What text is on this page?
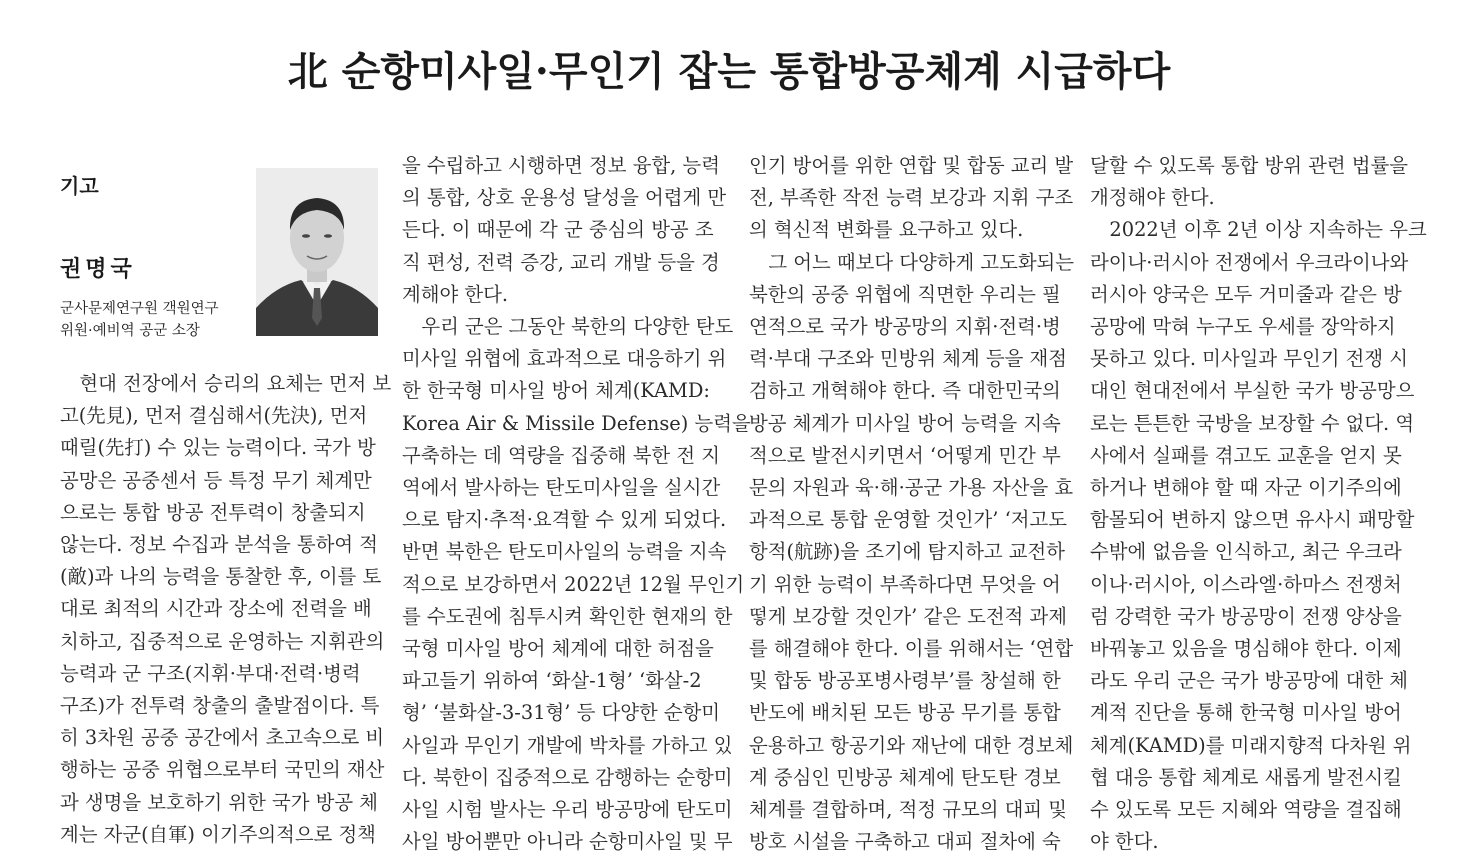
北 순항미사일·무인기 잡는 통합방공체계 시급하다
기고
권명국
군사문제연구원 객원연구
위원·예비역 공군 소장
현대 전장에서 승리의 요체는 먼저 보
고(先見), 먼저 결심해서(先決), 먼저
때릴(先打) 수 있는 능력이다. 국가 방
공망은 공중센서 등 특정 무기 체계만
으로는 통합 방공 전투력이 창출되지
않는다. 정보 수집과 분석을 통하여 적
(敵)과 나의 능력을 통찰한 후, 이를 토
대로 최적의 시간과 장소에 전력을 배
치하고, 집중적으로 운영하는 지휘관의
능력과 군 구조(지휘·부대·전력·병력
구조)가 전투력 창출의 출발점이다. 특
히 3차원 공중 공간에서 초고속으로 비
행하는 공중 위협으로부터 국민의 재산
과 생명을 보호하기 위한 국가 방공 체
계는 자군(自軍) 이기주의적으로 정책
을 수립하고 시행하면 정보 융합, 능력
의 통합, 상호 운용성 달성을 어렵게 만
든다. 이 때문에 각 군 중심의 방공 조
직 편성, 전력 증강, 교리 개발 등을 경
계해야 한다.
우리 군은 그동안 북한의 다양한 탄도
미사일 위협에 효과적으로 대응하기 위
한 한국형 미사일 방어 체계(KAMD:
Korea Air & Missile Defense) 능력을
구축하는 데 역량을 집중해 북한 전 지
역에서 발사하는 탄도미사일을 실시간
으로 탐지·추적·요격할 수 있게 되었다.
반면 북한은 탄도미사일의 능력을 지속
적으로 보강하면서 2022년 12월 무인기
를 수도권에 침투시켜 확인한 현재의 한
국형 미사일 방어 체계에 대한 허점을
파고들기 위하여 ‘화살-1형’ ‘화살-2
형’ ‘불화살-3-31형’ 등 다양한 순항미
사일과 무인기 개발에 박차를 가하고 있
다. 북한이 집중적으로 감행하는 순항미
사일 시험 발사는 우리 방공망에 탄도미
사일 방어뿐만 아니라 순항미사일 및 무
인기 방어를 위한 연합 및 합동 교리 발
전, 부족한 작전 능력 보강과 지휘 구조
의 혁신적 변화를 요구하고 있다.
그 어느 때보다 다양하게 고도화되는
북한의 공중 위협에 직면한 우리는 필
연적으로 국가 방공망의 지휘·전력·병
력·부대 구조와 민방위 체계 등을 재점
검하고 개혁해야 한다. 즉 대한민국의
방공 체계가 미사일 방어 능력을 지속
적으로 발전시키면서 ‘어떻게 민간 부
문의 자원과 육·해·공군 가용 자산을 효
과적으로 통합 운영할 것인가’ ‘저고도
항적(航跡)을 조기에 탐지하고 교전하
기 위한 능력이 부족하다면 무엇을 어
떻게 보강할 것인가’ 같은 도전적 과제
를 해결해야 한다. 이를 위해서는 ‘연합
및 합동 방공포병사령부’를 창설해 한
반도에 배치된 모든 방공 무기를 통합
운용하고 항공기와 재난에 대한 경보체
계 중심인 민방공 체계에 탄도탄 경보
체계를 결합하며, 적정 규모의 대피 및
방호 시설을 구축하고 대피 절차에 숙
달할 수 있도록 통합 방위 관련 법률을
개정해야 한다.
2022년 이후 2년 이상 지속하는 우크
라이나·러시아 전쟁에서 우크라이나와
러시아 양국은 모두 거미줄과 같은 방
공망에 막혀 누구도 우세를 장악하지
못하고 있다. 미사일과 무인기 전쟁 시
대인 현대전에서 부실한 국가 방공망으
로는 튼튼한 국방을 보장할 수 없다. 역
사에서 실패를 겪고도 교훈을 얻지 못
하거나 변해야 할 때 자군 이기주의에
함몰되어 변하지 않으면 유사시 패망할
수밖에 없음을 인식하고, 최근 우크라
이나·러시아, 이스라엘·하마스 전쟁처
럼 강력한 국가 방공망이 전쟁 양상을
바꿔놓고 있음을 명심해야 한다. 이제
라도 우리 군은 국가 방공망에 대한 체
계적 진단을 통해 한국형 미사일 방어
체계(KAMD)를 미래지향적 다차원 위
협 대응 통합 체계로 새롭게 발전시킬
수 있도록 모든 지혜와 역량을 결집해
야 한다.
